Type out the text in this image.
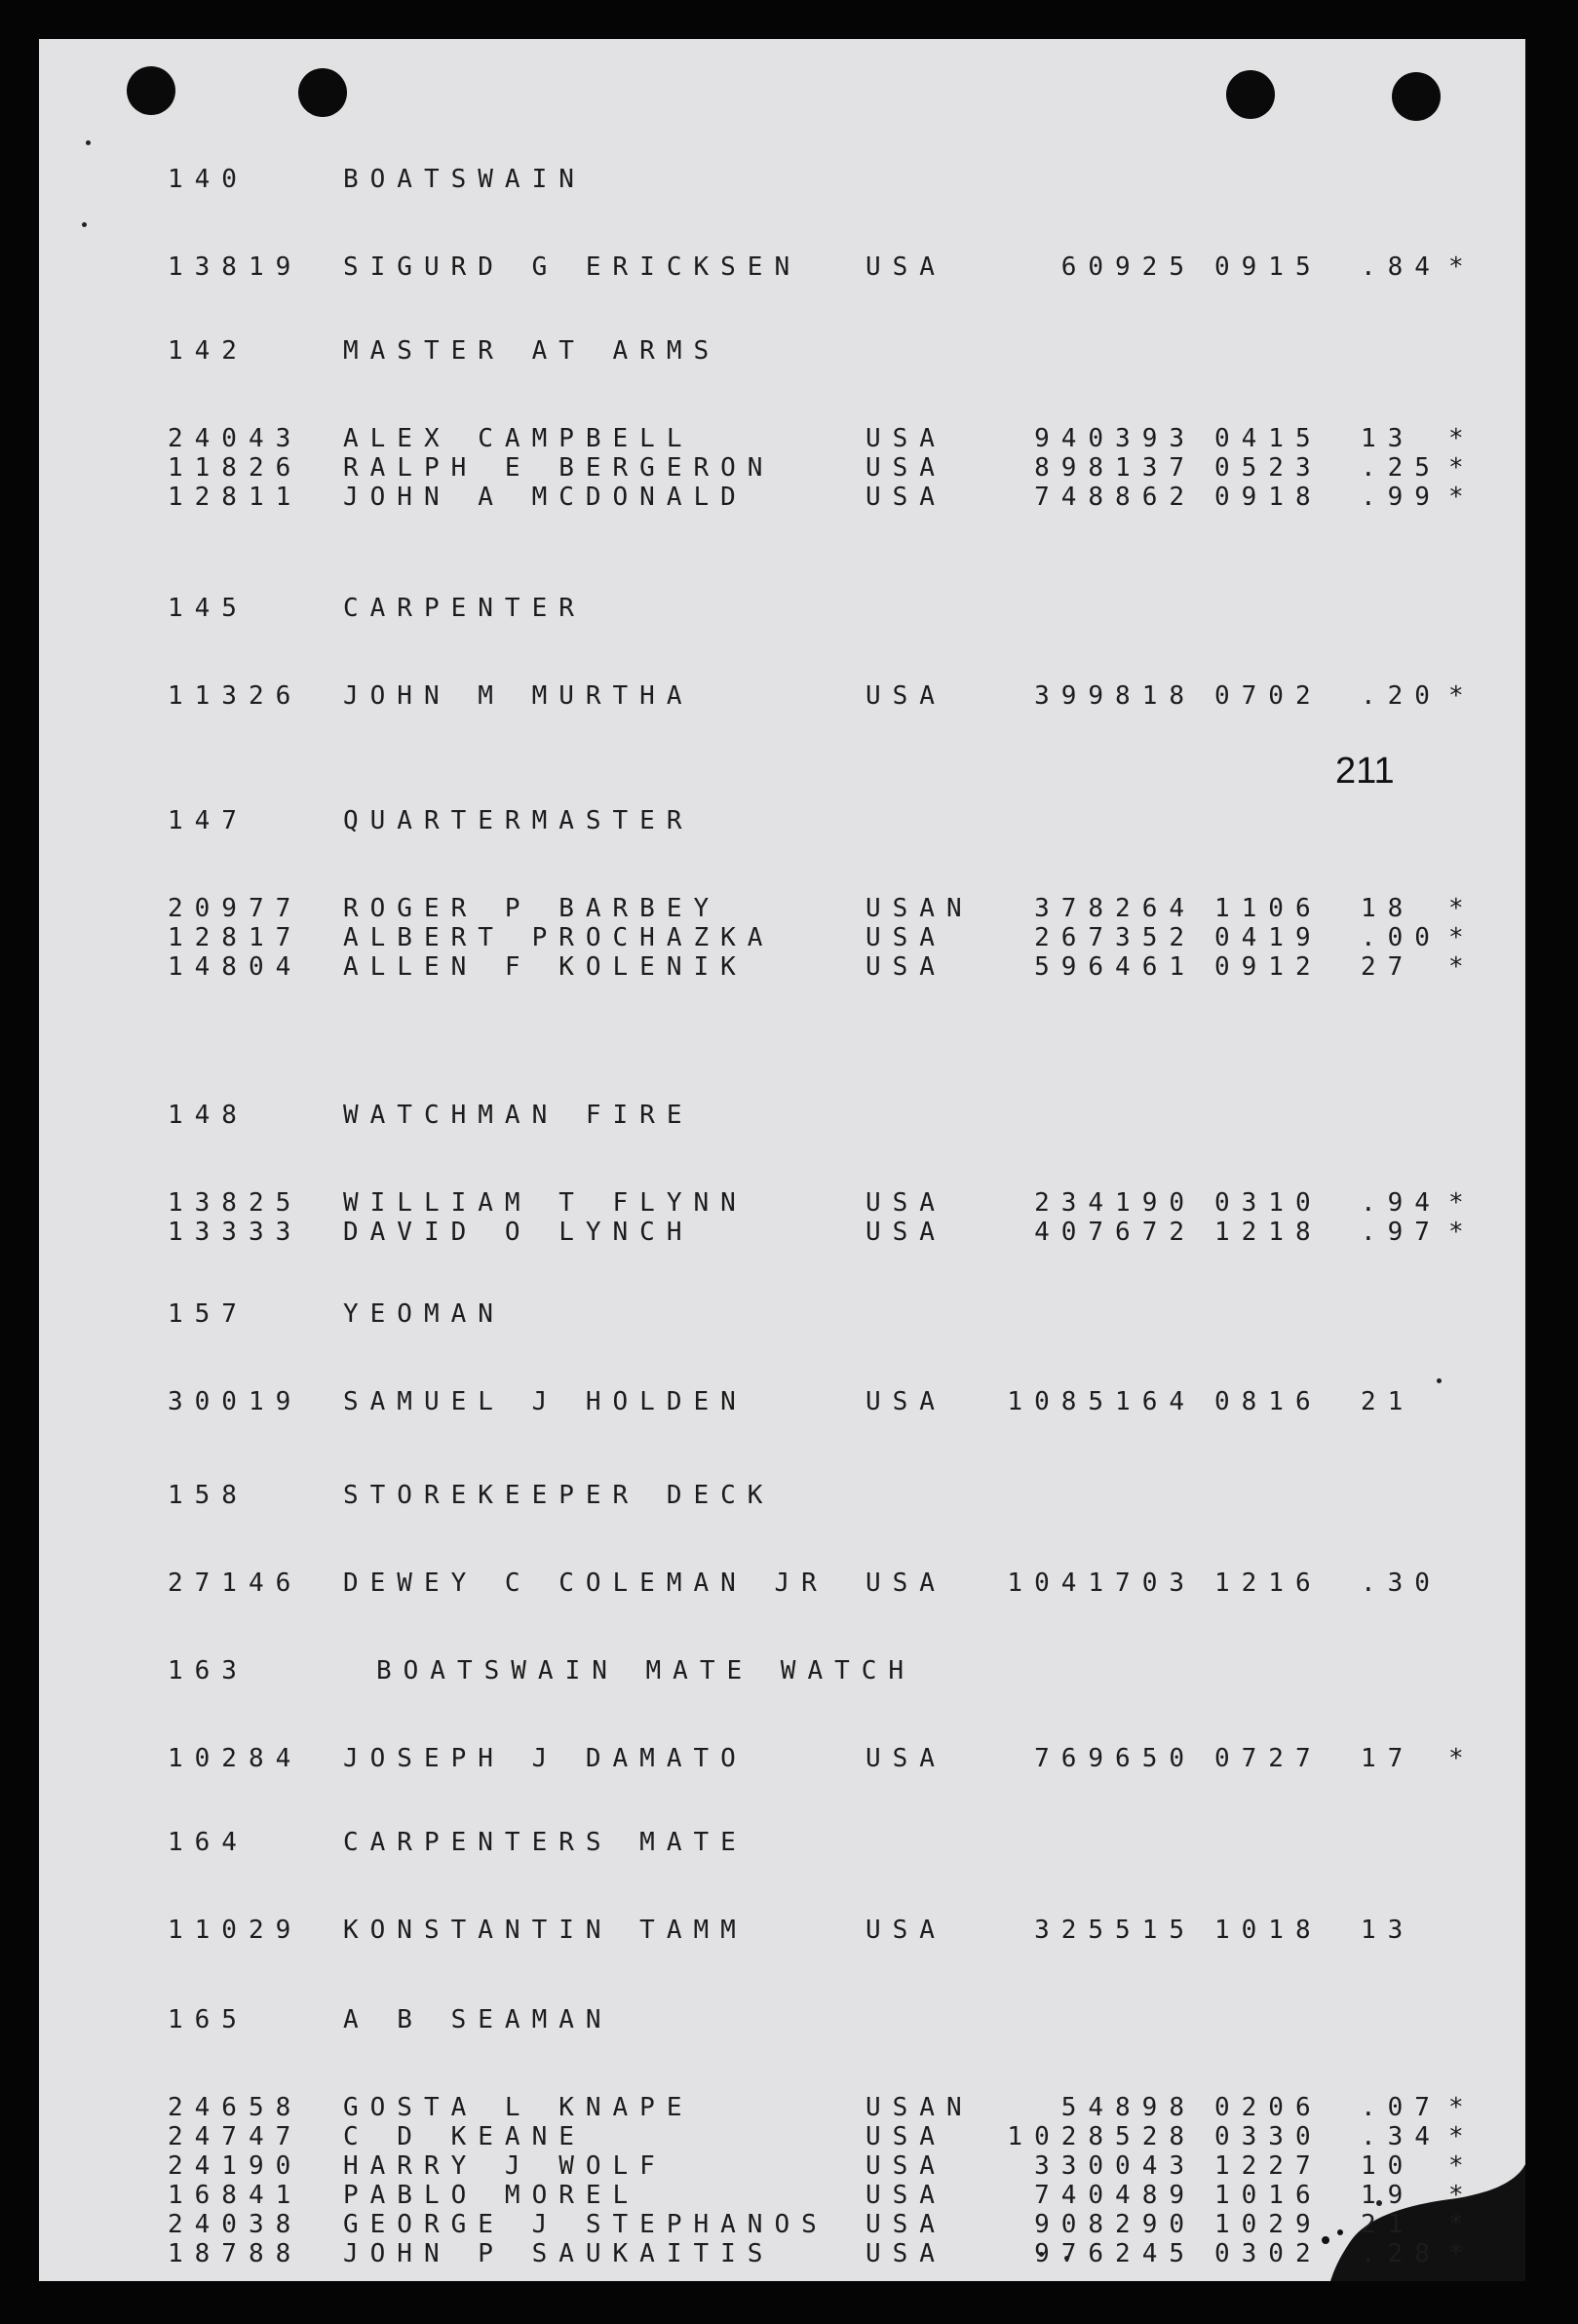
140	BOATSWAIN
13819 SIGURD G ERICKSEN	USA	60925 0915 .84 *
142	MASTER AT ARMS
24043 ALEX CAMPBELL	USA	940393 0415 13 *
11826 RALPH E BERGERON	USA	898137 0523 .25 *
12811 JOHN A MCDONALD	USA	748862 0918 .99 *
145	CARPENTER
11326 JOHN M MURTHA	USA	399818 0702 .20 *
147	QUARTERMASTER
20977 ROGER P BARBEY	USAN 378264 1106 18 *
12817 ALBERT PROCHAZKA	USA	267352 0419 .00 *
14804 ALLEN F KOLENIK	USA	596461 0912 27 *
148	WATCHMAN FIRE
13825 WILLIAM T FLYNN	USA	234190 0310 .94 *
13333 DAVID O LYNCH	USA	407672 1218 .97 *
157	YEOMAN
30019 SAMUEL J HOLDEN	USA 1085164 0816 21
158	STOREKEEPER DECK
27146 DEWEY C COLEMAN JR USA 1041703 1216 .30
163	BOATSWAIN MATE WATCH
10284 JOSEPH J DAMATO	USA	769650 0727 17 *
164	CARPENTERS MATE
11029 KONSTANTIN TAMM	USA	325515 1018 13
165	A B SEAMAN
24658 GOSTA L KNAPE	USAN	54898 0206 .07 *
24747 C D KEANE	USA 1028528 0330 .34 *
24190 HARRY J WOLF	USA	330043 1227 10 *
16841 PABLO MOREL	USA	740489 1016 19 *
24038 GEORGE J STEPHANOS USA	908290 1029 21 *
18788 JOHN P SAUKAITIS	USA	976245 0302 .28 *
211
